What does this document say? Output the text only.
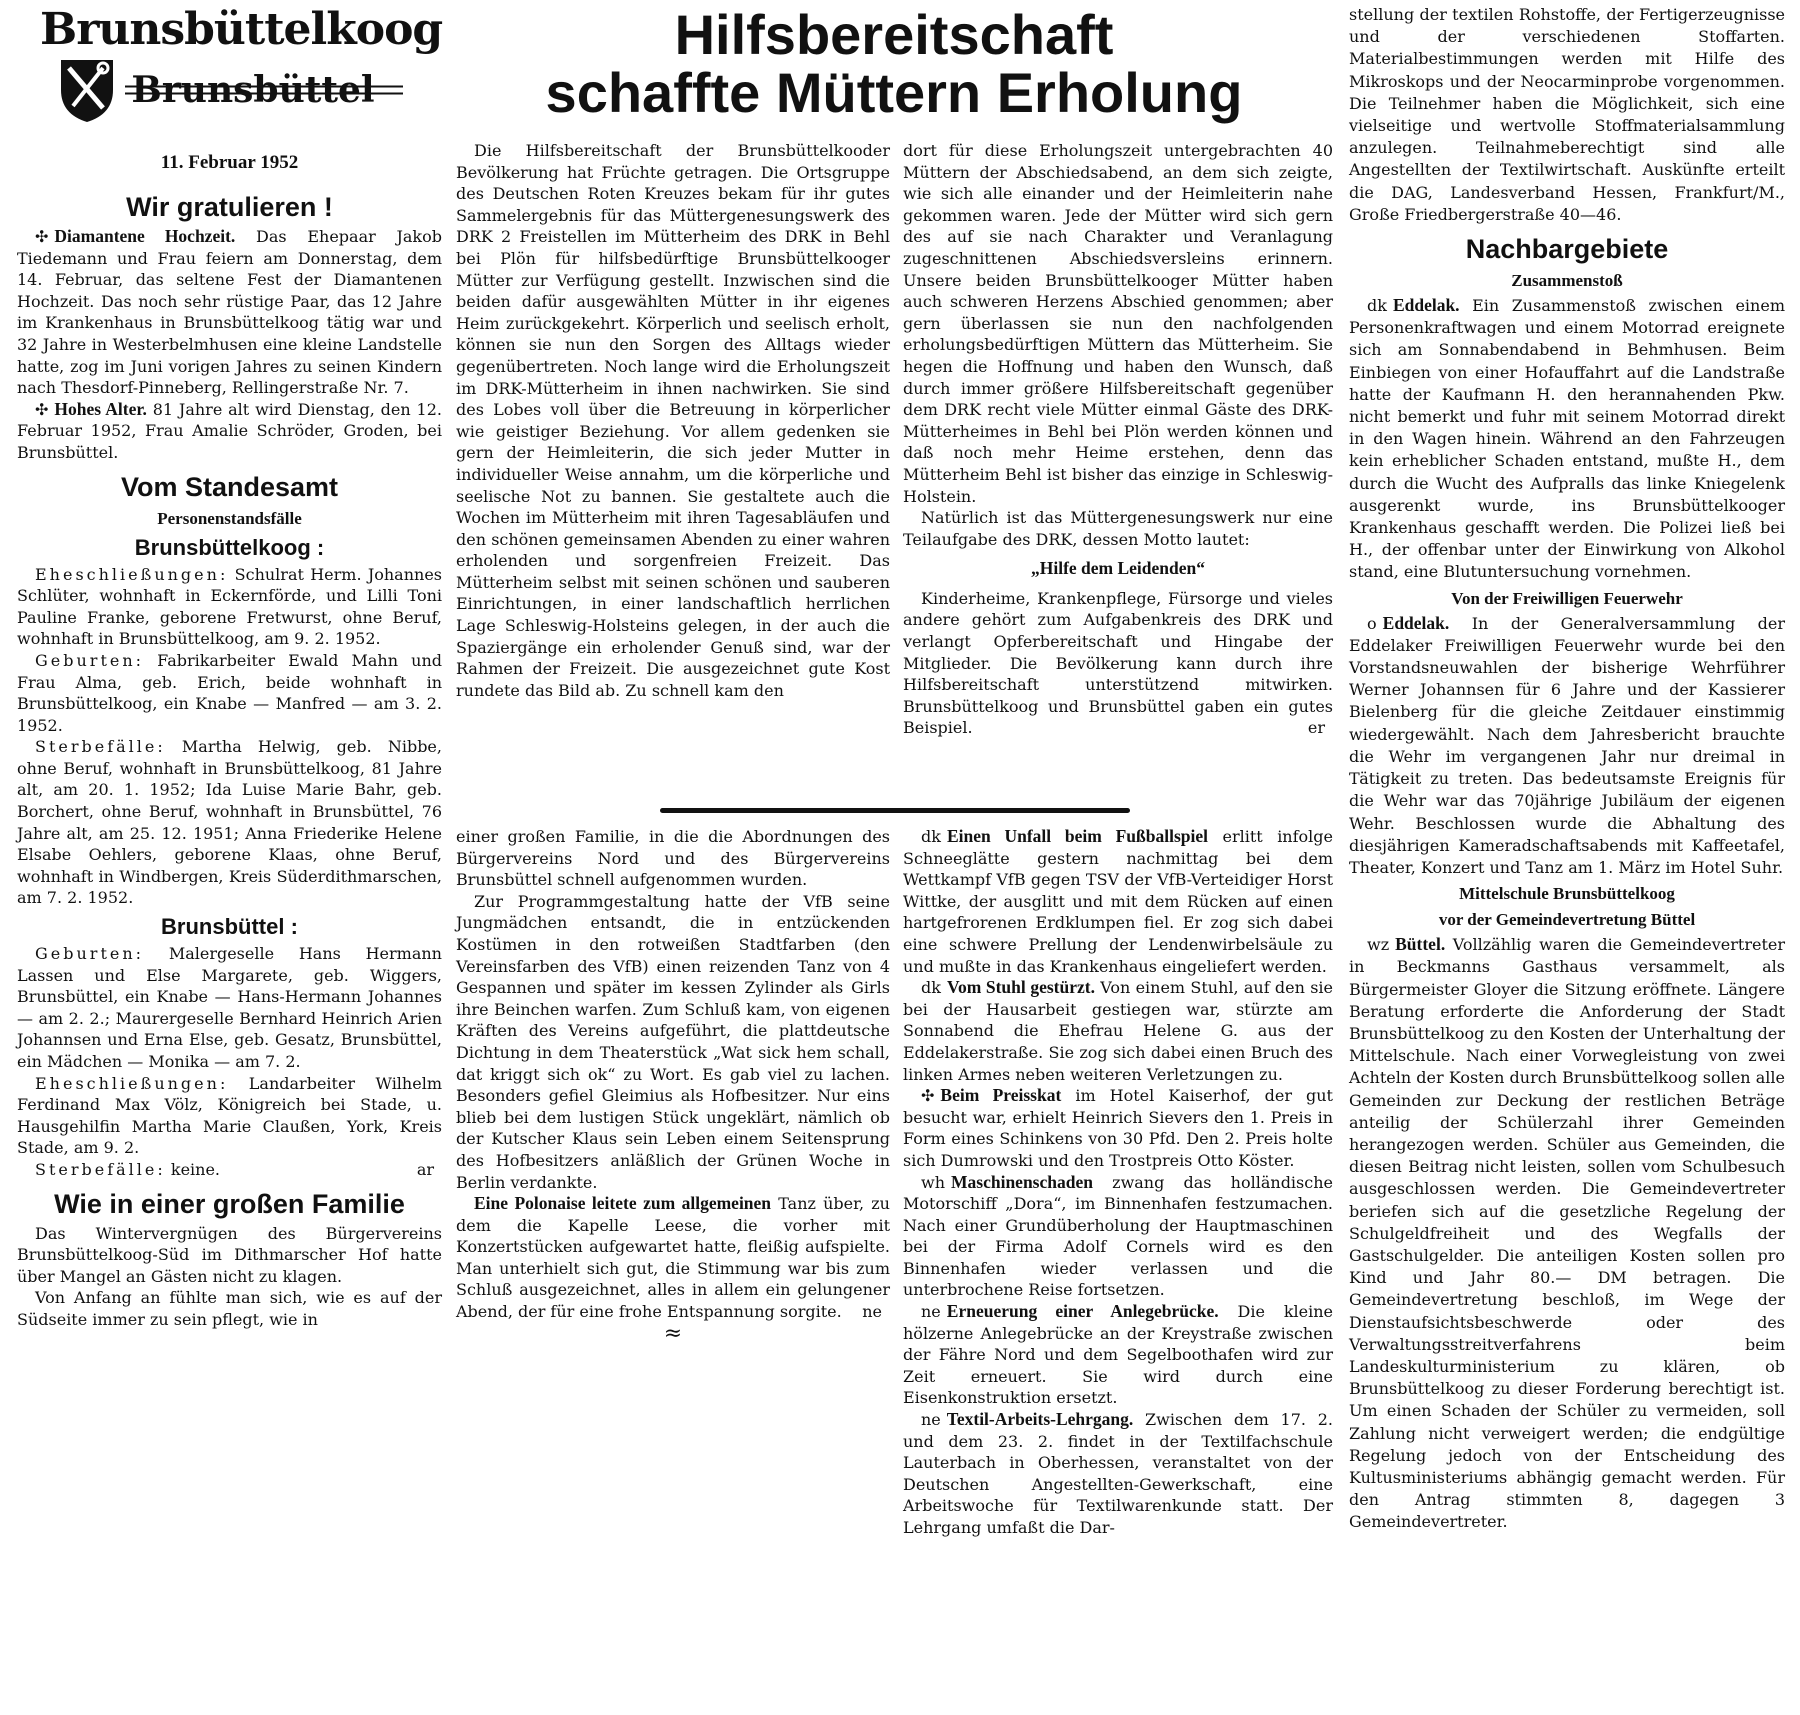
Brunsbüttelkoog
Brunsbüttel
11. Februar 1952
Hilfsbereitschaft
schaffte Müttern Erholung
Wir gratulieren !

✣ Diamantene Hochzeit. Das Ehepaar Jakob Tiedemann und Frau feiern am Donnerstag, dem 14. Februar, das seltene Fest der Diamantenen Hochzeit. Das noch sehr rüstige Paar, das 12 Jahre im Krankenhaus in Brunsbüttelkoog tätig war und 32 Jahre in Westerbelmhusen eine kleine Landstelle hatte, zog im Juni vorigen Jahres zu seinen Kindern nach Thesdorf-Pinneberg, Rellingerstraße Nr. 7.

✣ Hohes Alter. 81 Jahre alt wird Dienstag, den 12. Februar 1952, Frau Amalie Schröder, Groden, bei Brunsbüttel.

Vom Standesamt
Personenstandsfälle
Brunsbüttelkoog :

Eheschließungen: Schulrat Herm. Johannes Schlüter, wohnhaft in Eckernförde, und Lilli Toni Pauline Franke, geborene Fretwurst, ohne Beruf, wohnhaft in Brunsbüttelkoog, am 9. 2. 1952.

Geburten: Fabrikarbeiter Ewald Mahn und Frau Alma, geb. Erich, beide wohnhaft in Brunsbüttelkoog, ein Knabe — Manfred — am 3. 2. 1952.

Sterbefälle: Martha Helwig, geb. Nibbe, ohne Beruf, wohnhaft in Brunsbüttelkoog, 81 Jahre alt, am 20. 1. 1952; Ida Luise Marie Bahr, geb. Borchert, ohne Beruf, wohnhaft in Brunsbüttel, 76 Jahre alt, am 25. 12. 1951; Anna Friederike Helene Elsabe Oehlers, geborene Klaas, ohne Beruf, wohnhaft in Windbergen, Kreis Süderdithmarschen, am 7. 2. 1952.

Brunsbüttel :

Geburten: Malergeselle Hans Hermann Lassen und Else Margarete, geb. Wiggers, Brunsbüttel, ein Knabe — Hans-Hermann Johannes — am 2. 2.; Maurergeselle Bernhard Heinrich Arien Johannsen und Erna Else, geb. Gesatz, Brunsbüttel, ein Mädchen — Monika — am 7. 2.

Eheschließungen: Landarbeiter Wilhelm Ferdinand Max Völz, Königreich bei Stade, u. Hausgehilfin Martha Marie Claußen, York, Kreis Stade, am 9. 2.

Sterbefälle: keine.	ar

Wie in einer großen Familie

Das Wintervergnügen des Bürgervereins Brunsbüttelkoog-Süd im Dithmarscher Hof hatte über Mangel an Gästen nicht zu klagen.

Von Anfang an fühlte man sich, wie es auf der Südseite immer zu sein pflegt, wie in

Die Hilfsbereitschaft der Brunsbüttelkooder Bevölkerung hat Früchte getragen. Die Ortsgruppe des Deutschen Roten Kreuzes bekam für ihr gutes Sammelergebnis für das Müttergenesungswerk des DRK 2 Freistellen im Mütterheim des DRK in Behl bei Plön für hilfsbedürftige Brunsbüttelkooger Mütter zur Verfügung gestellt. Inzwischen sind die beiden dafür ausgewählten Mütter in ihr eigenes Heim zurückgekehrt. Körperlich und seelisch erholt, können sie nun den Sorgen des Alltags wieder gegenübertreten. Noch lange wird die Erholungszeit im DRK-Mütterheim in ihnen nachwirken. Sie sind des Lobes voll über die Betreuung in körperlicher wie geistiger Beziehung. Vor allem gedenken sie gern der Heimleiterin, die sich jeder Mutter in individueller Weise annahm, um die körperliche und seelische Not zu bannen. Sie gestaltete auch die Wochen im Mütterheim mit ihren Tagesabläufen und den schönen gemeinsamen Abenden zu einer wahren erholenden und sorgenfreien Freizeit. Das Mütterheim selbst mit seinen schönen und sauberen Einrichtungen, in einer landschaftlich herrlichen Lage Schleswig-Holsteins gelegen, in der auch die Spaziergänge ein erholender Genuß sind, war der Rahmen der Freizeit. Die ausgezeichnet gute Kost rundete das Bild ab. Zu schnell kam den

dort für diese Erholungszeit untergebrachten 40 Müttern der Abschiedsabend, an dem sich zeigte, wie sich alle einander und der Heimleiterin nahe gekommen waren. Jede der Mütter wird sich gern des auf sie nach Charakter und Veranlagung zugeschnittenen Abschiedsversleins erinnern. Unsere beiden Brunsbüttelkooger Mütter haben auch schweren Herzens Abschied genommen; aber gern überlassen sie nun den nachfolgenden erholungsbedürftigen Müttern das Mütterheim. Sie hegen die Hoffnung und haben den Wunsch, daß durch immer größere Hilfsbereitschaft gegenüber dem DRK recht viele Mütter einmal Gäste des DRK-Mütterheimes in Behl bei Plön werden können und daß noch mehr Heime erstehen, denn das Mütterheim Behl ist bisher das einzige in Schleswig-Holstein.

Natürlich ist das Müttergenesungswerk nur eine Teilaufgabe des DRK, dessen Motto lautet:

„Hilfe dem Leidenden“

Kinderheime, Krankenpflege, Fürsorge und vieles andere gehört zum Aufgabenkreis des DRK und verlangt Opferbereitschaft und Hingabe der Mitglieder. Die Bevölkerung kann durch ihre Hilfsbereitschaft unterstützend mitwirken. Brunsbüttelkoog und Brunsbüttel gaben ein gutes Beispiel.	er

einer großen Familie, in die die Abordnungen des Bürgervereins Nord und des Bürgervereins Brunsbüttel schnell aufgenommen wurden.

Zur Programmgestaltung hatte der VfB seine Jungmädchen entsandt, die in entzückenden Kostümen in den rotweißen Stadtfarben (den Vereinsfarben des VfB) einen reizenden Tanz von 4 Gespannen und später im kessen Zylinder als Girls ihre Beinchen warfen. Zum Schluß kam, von eigenen Kräften des Vereins aufgeführt, die plattdeutsche Dichtung in dem Theaterstück „Wat sick hem schall, dat kriggt sich ok“ zu Wort. Es gab viel zu lachen. Besonders gefiel Gleimius als Hofbesitzer. Nur eins blieb bei dem lustigen Stück ungeklärt, nämlich ob der Kutscher Klaus sein Leben einem Seitensprung des Hofbesitzers anläßlich der Grünen Woche in Berlin verdankte.

Eine Polonaise leitete zum allgemeinen Tanz über, zu dem die Kapelle Leese, die vorher mit Konzertstücken aufgewartet hatte, fleißig aufspielte. Man unterhielt sich gut, die Stimmung war bis zum Schluß ausgezeichnet, alles in allem ein gelungener Abend, der für eine frohe Entspannung sorgite.	ne

≈

dk Einen Unfall beim Fußballspiel erlitt infolge Schneeglätte gestern nachmittag bei dem Wettkampf VfB gegen TSV der VfB-Verteidiger Horst Wittke, der ausglitt und mit dem Rücken auf einen hartgefrorenen Erdklumpen fiel. Er zog sich dabei eine schwere Prellung der Lendenwirbelsäule zu und mußte in das Krankenhaus eingeliefert werden.

dk Vom Stuhl gestürzt. Von einem Stuhl, auf den sie bei der Hausarbeit gestiegen war, stürzte am Sonnabend die Ehefrau Helene G. aus der Eddelakerstraße. Sie zog sich dabei einen Bruch des linken Armes neben weiteren Verletzungen zu.

✣ Beim Preisskat im Hotel Kaiserhof, der gut besucht war, erhielt Heinrich Sievers den 1. Preis in Form eines Schinkens von 30 Pfd. Den 2. Preis holte sich Dumrowski und den Trostpreis Otto Köster.

wh Maschinenschaden zwang das holländische Motorschiff „Dora“, im Binnenhafen festzumachen. Nach einer Grundüberholung der Hauptmaschinen bei der Firma Adolf Cornels wird es den Binnenhafen wieder verlassen und die unterbrochene Reise fortsetzen.

ne Erneuerung einer Anlegebrücke. Die kleine hölzerne Anlegebrücke an der Kreystraße zwischen der Fähre Nord und dem Segelboothafen wird zur Zeit erneuert. Sie wird durch eine Eisenkonstruktion ersetzt.

ne Textil-Arbeits-Lehrgang. Zwischen dem 17. 2. und dem 23. 2. findet in der Textilfachschule Lauterbach in Oberhessen, veranstaltet von der Deutschen Angestellten-Gewerkschaft, eine Arbeitswoche für Textilwarenkunde statt. Der Lehrgang umfaßt die Dar-

stellung der textilen Rohstoffe, der Fertigerzeugnisse und der verschiedenen Stoffarten. Materialbestimmungen werden mit Hilfe des Mikroskops und der Neocarminprobe vorgenommen. Die Teilnehmer haben die Möglichkeit, sich eine vielseitige und wertvolle Stoffmaterialsammlung anzulegen. Teilnahmeberechtigt sind alle Angestellten der Textilwirtschaft. Auskünfte erteilt die DAG, Landesverband Hessen, Frankfurt/M., Große Friedbergerstraße 40—46.

Nachbargebiete
Zusammenstoß

dk Eddelak. Ein Zusammenstoß zwischen einem Personenkraftwagen und einem Motorrad ereignete sich am Sonnabendabend in Behmhusen. Beim Einbiegen von einer Hofauffahrt auf die Landstraße hatte der Kaufmann H. den herannahenden Pkw. nicht bemerkt und fuhr mit seinem Motorrad direkt in den Wagen hinein. Während an den Fahrzeugen kein erheblicher Schaden entstand, mußte H., dem durch die Wucht des Aufpralls das linke Kniegelenk ausgerenkt wurde, ins Brunsbüttelkooger Krankenhaus geschafft werden. Die Polizei ließ bei H., der offenbar unter der Einwirkung von Alkohol stand, eine Blutuntersuchung vornehmen.

Von der Freiwilligen Feuerwehr

o Eddelak. In der Generalversammlung der Eddelaker Freiwilligen Feuerwehr wurde bei den Vorstandsneuwahlen der bisherige Wehrführer Werner Johannsen für 6 Jahre und der Kassierer Bielenberg für die gleiche Zeitdauer einstimmig wiedergewählt. Nach dem Jahresbericht brauchte die Wehr im vergangenen Jahr nur dreimal in Tätigkeit zu treten. Das bedeutsamste Ereignis für die Wehr war das 70jährige Jubiläum der eigenen Wehr. Beschlossen wurde die Abhaltung des diesjährigen Kameradschaftsabends mit Kaffeetafel, Theater, Konzert und Tanz am 1. März im Hotel Suhr.

Mittelschule Brunsbüttelkoog
vor der Gemeindevertretung Büttel

wz Büttel. Vollzählig waren die Gemeindevertreter in Beckmanns Gasthaus versammelt, als Bürgermeister Gloyer die Sitzung eröffnete. Längere Beratung erforderte die Anforderung der Stadt Brunsbüttelkoog zu den Kosten der Unterhaltung der Mittelschule. Nach einer Vorwegleistung von zwei Achteln der Kosten durch Brunsbüttelkoog sollen alle Gemeinden zur Deckung der restlichen Beträge anteilig der Schülerzahl ihrer Gemeinden herangezogen werden. Schüler aus Gemeinden, die diesen Beitrag nicht leisten, sollen vom Schulbesuch ausgeschlossen werden. Die Gemeindevertreter beriefen sich auf die gesetzliche Regelung der Schulgeldfreiheit und des Wegfalls der Gastschulgelder. Die anteiligen Kosten sollen pro Kind und Jahr 80.— DM betragen. Die Gemeindevertretung beschloß, im Wege der Dienstaufsichtsbeschwerde oder des Verwaltungsstreitverfahrens beim Landeskulturministerium zu klären, ob Brunsbüttelkoog zu dieser Forderung berechtigt ist. Um einen Schaden der Schüler zu vermeiden, soll Zahlung nicht verweigert werden; die endgültige Regelung jedoch von der Entscheidung des Kultusministeriums abhängig gemacht werden. Für den Antrag stimmten 8, dagegen 3 Gemeindevertreter.
